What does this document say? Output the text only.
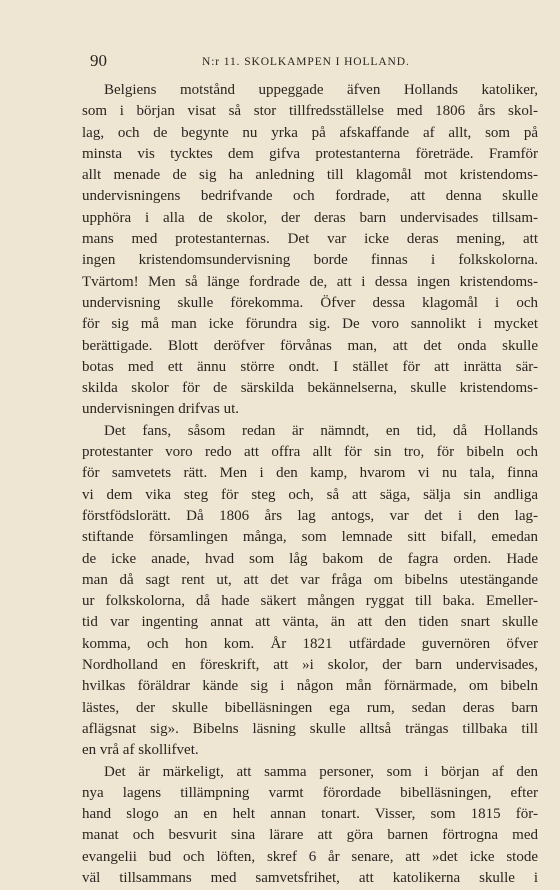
90	N:r 11. SKOLKAMPEN I HOLLAND.
Belgiens motstånd uppeggade äfven Hollands katoliker,
som i början visat så stor tillfredsställelse med 1806 års skol-
lag, och de begynte nu yrka på afskaffande af allt, som på
minsta vis tycktes dem gifva protestanterna företräde. Framför
allt menade de sig ha anledning till klagomål mot kristendoms-
undervisningens bedrifvande och fordrade, att denna skulle
upphöra i alla de skolor, der deras barn undervisades tillsam-
mans med protestanternas. Det var icke deras mening, att
ingen kristendomsundervisning borde finnas i folkskolorna.
Tvärtom! Men så länge fordrade de, att i dessa ingen kristendoms-
undervisning skulle förekomma. Öfver dessa klagomål i och
för sig må man icke förundra sig. De voro sannolikt i mycket
berättigade. Blott deröfver förvånas man, att det onda skulle
botas med ett ännu större ondt. I stället för att inrätta sär-
skilda skolor för de särskilda bekännelserna, skulle kristendoms-
undervisningen drifvas ut.
Det fans, såsom redan är nämndt, en tid, då Hollands
protestanter voro redo att offra allt för sin tro, för bibeln och
för samvetets rätt. Men i den kamp, hvarom vi nu tala, finna
vi dem vika steg för steg och, så att säga, sälja sin andliga
förstfödslorätt. Då 1806 års lag antogs, var det i den lag-
stiftande församlingen många, som lemnade sitt bifall, emedan
de icke anade, hvad som låg bakom de fagra orden. Hade
man då sagt rent ut, att det var fråga om bibelns utestängande
ur folkskolorna, då hade säkert mången ryggat till baka. Emeller-
tid var ingenting annat att vänta, än att den tiden snart skulle
komma, och hon kom. År 1821 utfärdade guvernören öfver
Nordholland en föreskrift, att »i skolor, der barn undervisades,
hvilkas föräldrar kände sig i någon mån förnärmade, om bibeln
lästes, der skulle bibelläsningen ega rum, sedan deras barn
aflägsnat sig». Bibelns läsning skulle alltså trängas tillbaka till
en vrå af skollifvet.
Det är märkeligt, att samma personer, som i början af den
nya lagens tillämpning varmt förordade bibelläsningen, efter
hand slogo an en helt annan tonart. Visser, som 1815 för-
manat och besvurit sina lärare att göra barnen förtrogna med
evangelii bud och löften, skref 6 år senare, att »det icke stode
väl tillsammans med samvetsfrihet, att katolikerna skulle i
